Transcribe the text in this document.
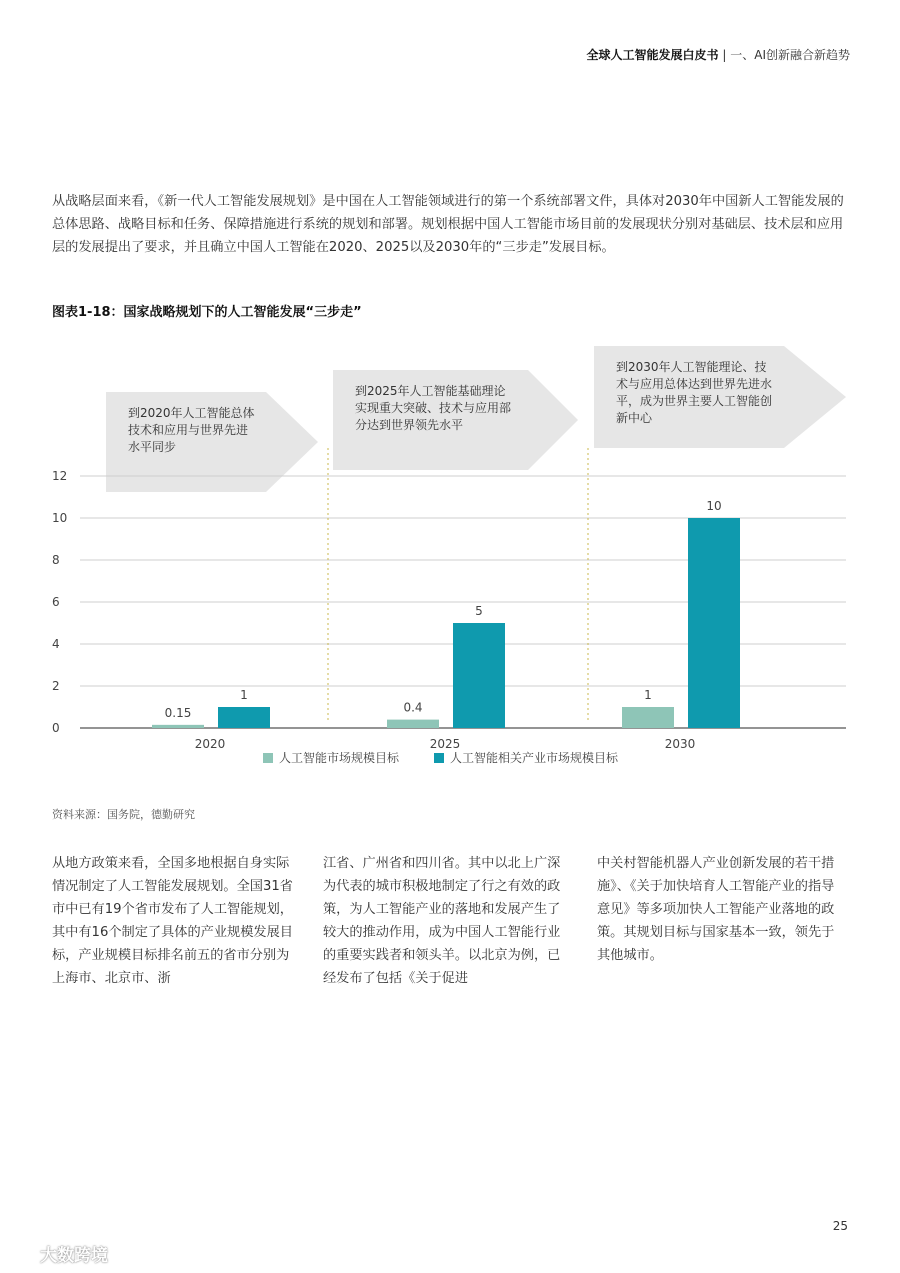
全球人工智能发展白皮书 | 一、AI创新融合新趋势
从战略层面来看，《新一代人工智能发展规划》是中国在人工智能领域进行的第一个系统部署文件，具体对2030年中国新人工智能发展的总体思路、战略目标和任务、保障措施进行系统的规划和部署。规划根据中国人工智能市场目前的发展现状分别对基础层、技术层和应用层的发展提出了要求，并且确立中国人工智能在2020、2025以及2030年的“三步走”发展目标。
图表1-18：国家战略规划下的人工智能发展“三步走”
到2020年人工智能总体
技术和应用与世界先进
水平同步
到2025年人工智能基础理论
实现重大突破、技术与应用部
分达到世界领先水平
到2030年人工智能理论、技
术与应用总体达到世界先进水
平，成为世界主要人工智能创
新中心
0
2
4
6
8
10
12
0.15
1
2020
0.4
5
2025
1
10
2030
人工智能市场规模目标	人工智能相关产业市场规模目标
资料来源：国务院，德勤研究
从地方政策来看，全国多地根据自身实际情况制定了人工智能发展规划。全国31省市中已有19个省市发布了人工智能规划，其中有16个制定了具体的产业规模发展目标，产业规模目标排名前五的省市分别为上海市、北京市、浙
江省、广州省和四川省。其中以北上广深为代表的城市积极地制定了行之有效的政策，为人工智能产业的落地和发展产生了较大的推动作用，成为中国人工智能行业的重要实践者和领头羊。以北京为例，已经发布了包括《关于促进
中关村智能机器人产业创新发展的若干措施》、《关于加快培育人工智能产业的指导意见》等多项加快人工智能产业落地的政策。其规划目标与国家基本一致，领先于其他城市。
25
大数跨境
